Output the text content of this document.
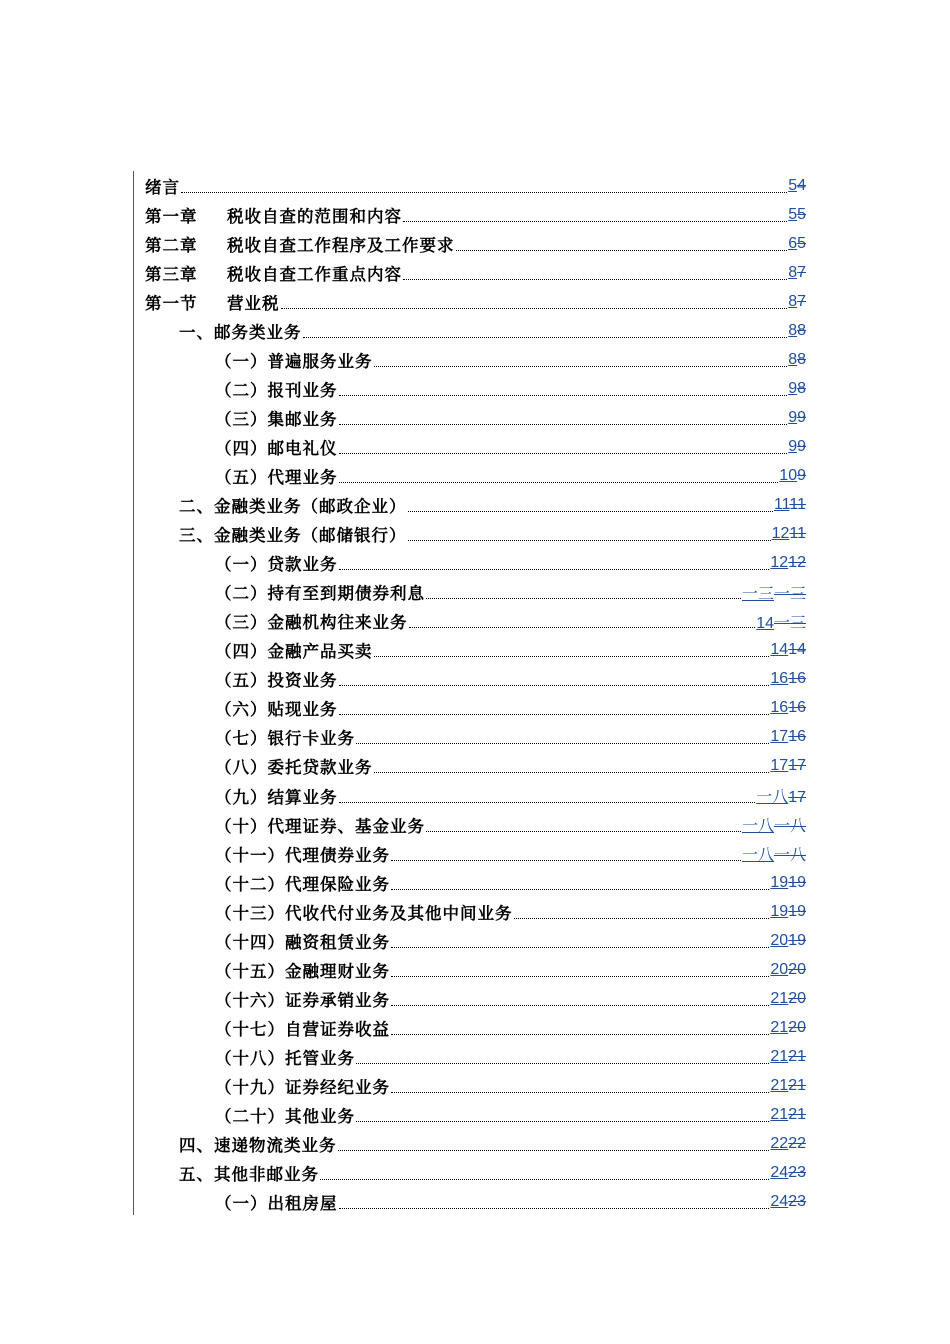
绪言	54
第一章 税收自查的范围和内容	55
第二章 税收自查工作程序及工作要求	65
第三章 税收自查工作重点内容	87
第一节 营业税	87
一、邮务类业务	88
（一）普遍服务业务	88
（二）报刊业务	98
（三）集邮业务	99
（四）邮电礼仪	99
（五）代理业务	109
二、金融类业务（邮政企业）	1111
三、金融类业务（邮储银行）	1211
（一）贷款业务	1212
（二）持有至到期债券利息	一三一三
（三）金融机构往来业务	14一三
（四）金融产品买卖	1414
（五）投资业务	1616
（六）贴现业务	1616
（七）银行卡业务	1716
（八）委托贷款业务	1717
（九）结算业务	一八17
（十）代理证券、基金业务	一八一八
（十一）代理债券业务	一八一八
（十二）代理保险业务	1919
（十三）代收代付业务及其他中间业务	1919
（十四）融资租赁业务	2019
（十五）金融理财业务	2020
（十六）证券承销业务	2120
（十七）自营证券收益	2120
（十八）托管业务	2121
（十九）证券经纪业务	2121
（二十）其他业务	2121
四、速递物流类业务	2222
五、其他非邮业务	2423
（一）出租房屋	2423
